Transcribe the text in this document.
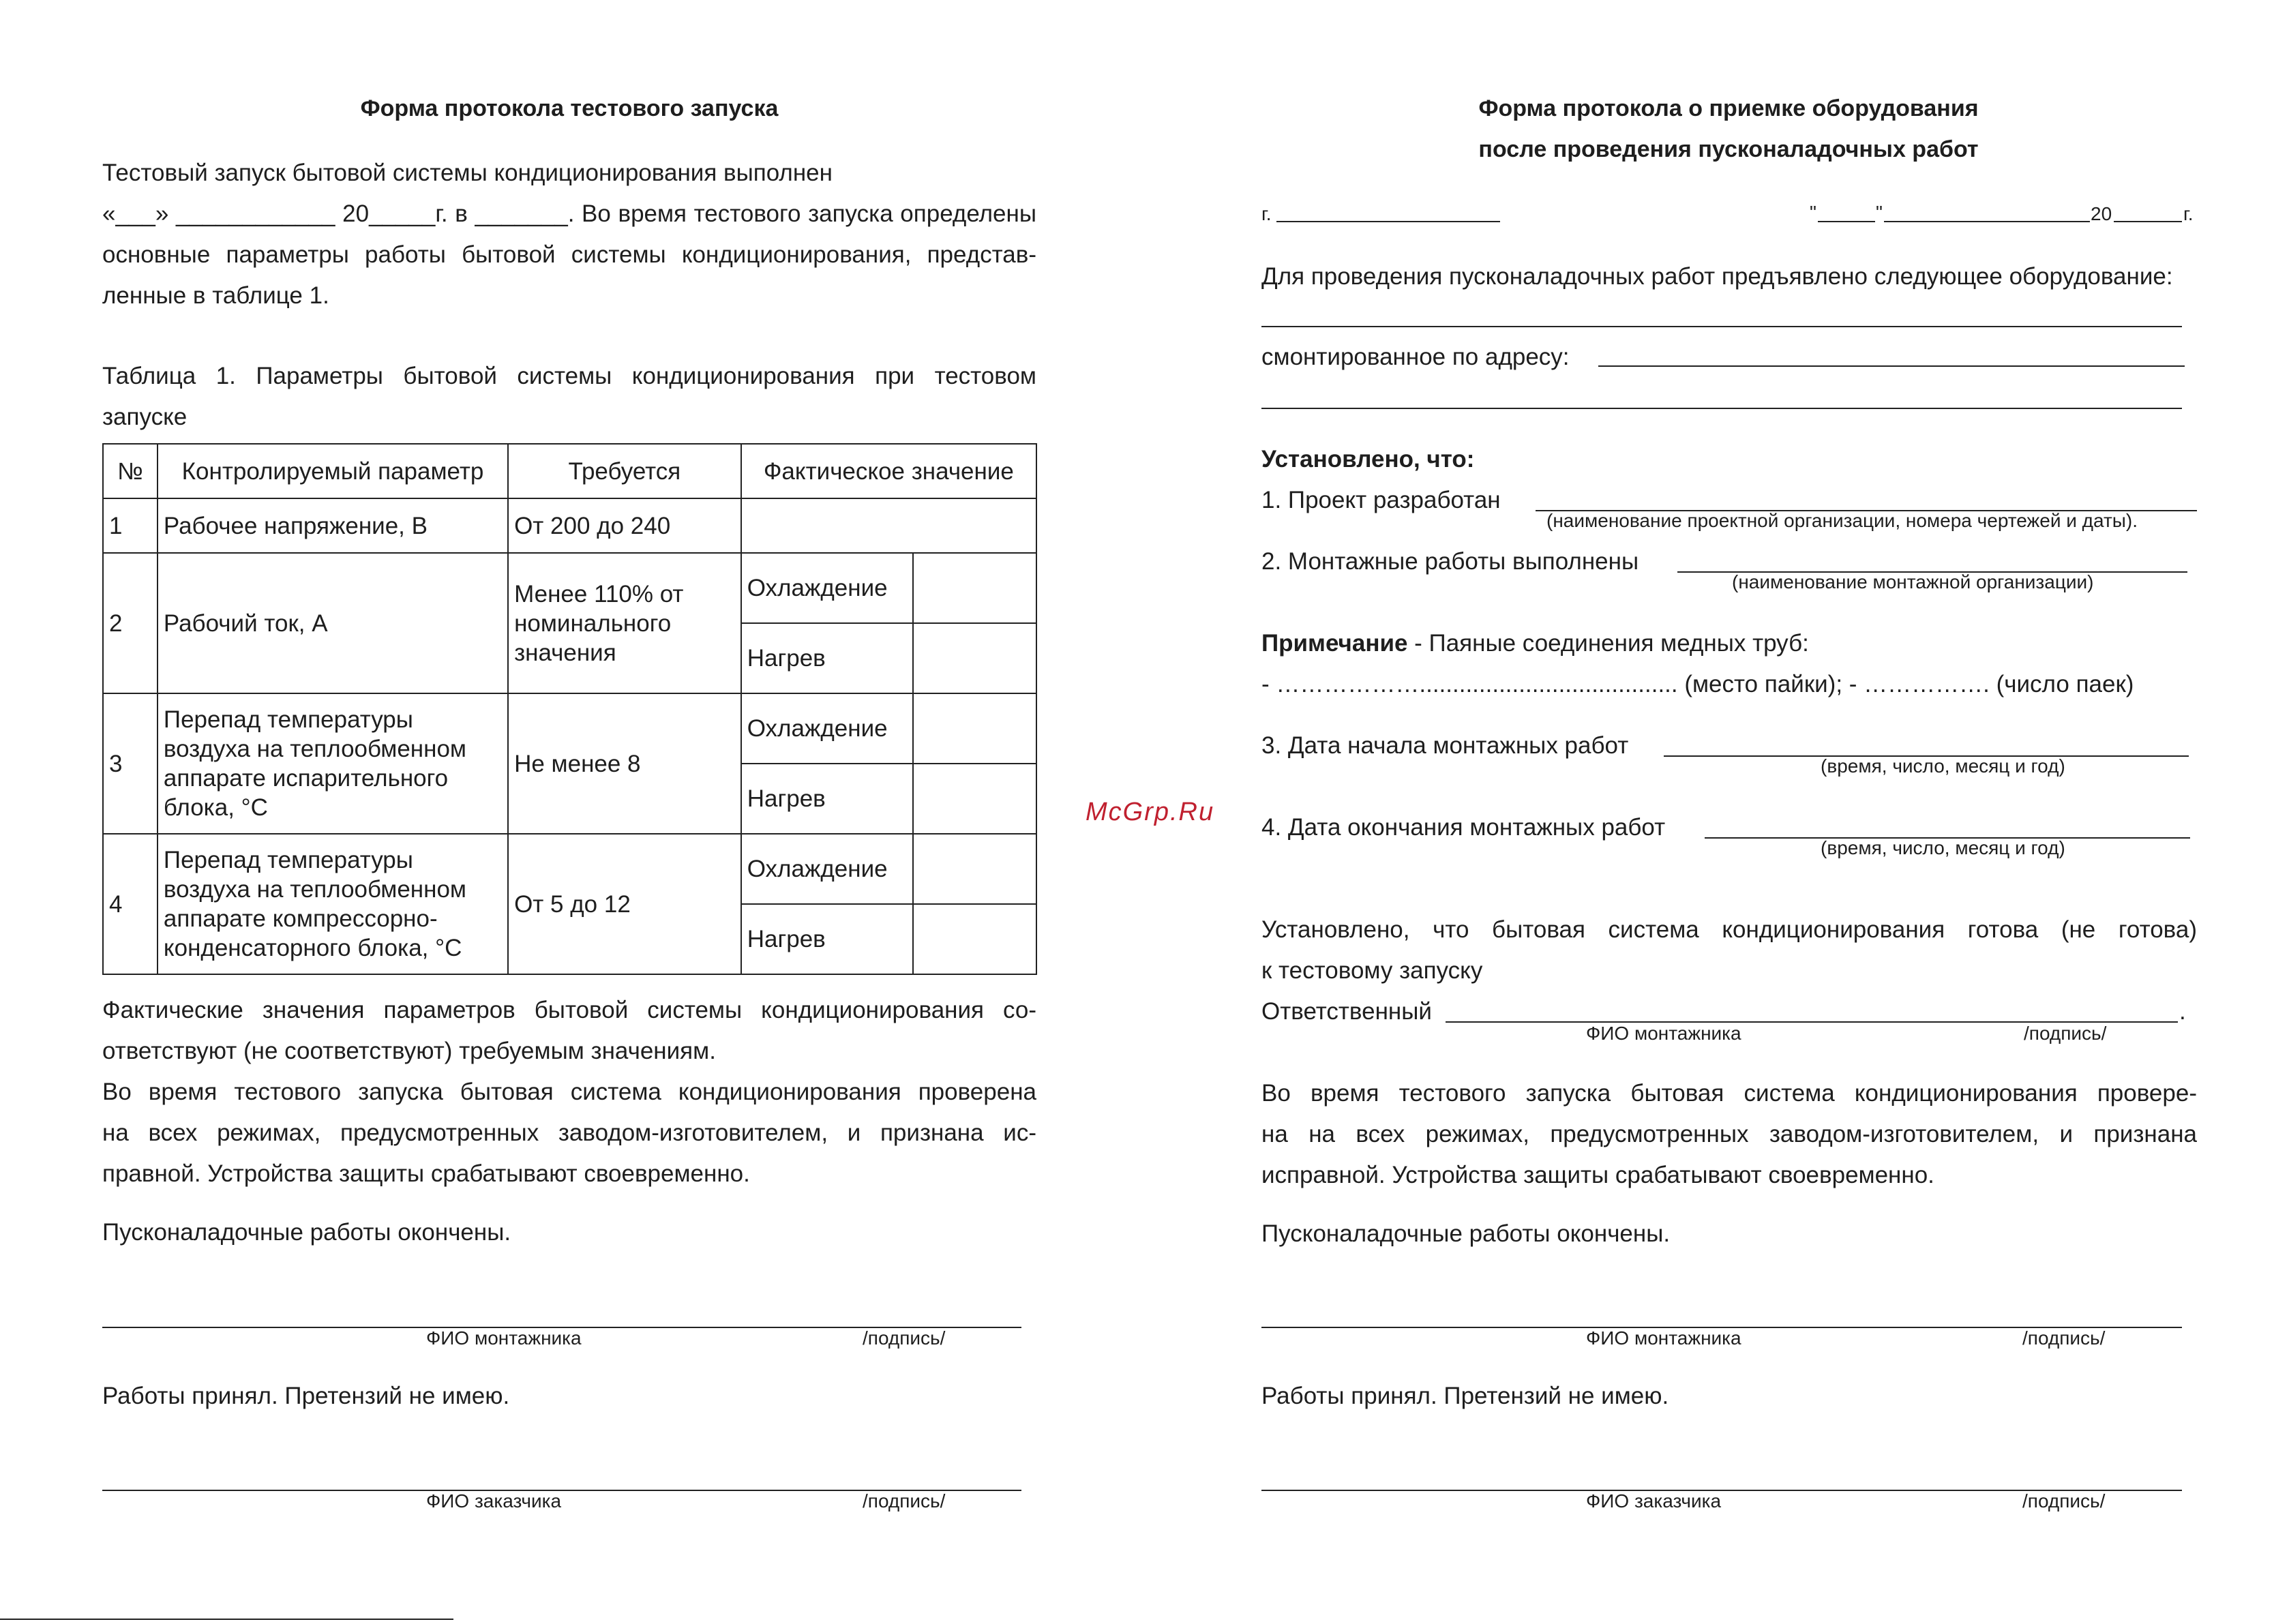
Форма протокола тестового запуска
Тестовый запуск бытовой системы кондиционирования выполнен
«___» ____________ 20_____г. в _______. Во время тестового запуска определены
основные параметры работы бытовой системы кондиционирования, представ-
ленные в таблице 1.
Таблица 1. Параметры бытовой системы кондиционирования при тестовом
запуске
№	Контролируемый параметр	Требуется	Фактическое значение	
1	Рабочее напряжение, В	От 200 до 240		
2	Рабочий ток, А	Менее 110% от номинального значения	Охлаждение	
			Нагрев	
3	Перепад температуры воздуха на теплообменном аппарате испарительного блока, °С	Не менее 8	Охлаждение	
			Нагрев	
4	Перепад температуры воздуха на теплообменном аппарате компрессорно-конденсаторного блока, °С	От 5 до 12	Охлаждение	
			Нагрев	
Фактические значения параметров бытовой системы кондиционирования со-
ответствуют (не соответствуют) требуемым значениям.
Во время тестового запуска бытовая система кондиционирования проверена
на всех режимах, предусмотренных заводом-изготовителем, и признана ис-
правной. Устройства защиты срабатывают своевременно.
Пусконаладочные работы окончены.
ФИО монтажника	/подпись/
Работы принял. Претензий не имею.
ФИО заказчика	/подпись/
McGrp.Ru
Форма протокола о приемке оборудования
после проведения пусконаладочных работ
г.	"	"	20	г.
Для проведения пусконаладочных работ предъявлено следующее оборудование:
смонтированное по адресу:
Установлено, что:
1. Проект разработан
(наименование проектной организации, номера чертежей и даты).
2. Монтажные работы выполнены
(наименование монтажной организации)
Примечание - Паяные соединения медных труб:
- ………………....................................... (место пайки); - ……………. (число паек)
3. Дата начала монтажных работ
(время, число, месяц и год)
4. Дата окончания монтажных работ
(время, число, месяц и год)
Установлено, что бытовая система кондиционирования готова (не готова)
к тестовому запуску
Ответственный	.
ФИО монтажника	/подпись/
Во время тестового запуска бытовая система кондиционирования провере-
на на всех режимах, предусмотренных заводом-изготовителем, и признана
исправной. Устройства защиты срабатывают своевременно.
Пусконаладочные работы окончены.
ФИО монтажника	/подпись/
Работы принял. Претензий не имею.
ФИО заказчика	/подпись/
